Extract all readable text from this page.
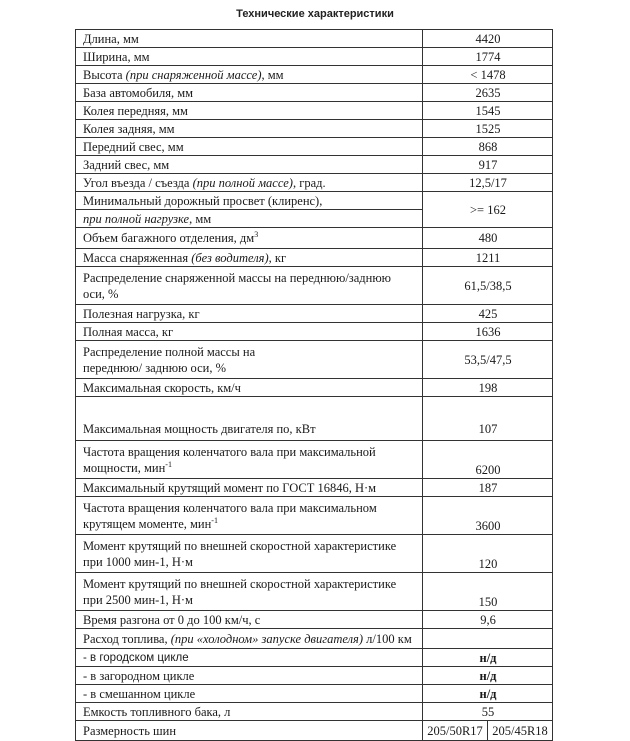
Технические характеристики
Длина, мм	4420	
Ширина, мм	1774	
Высота (при снаряженной массе), мм	< 1478	
База автомобиля, мм	2635	
Колея передняя, мм	1545	
Колея задняя, мм	1525	
Передний свес, мм	868	
Задний свес, мм	917	
Угол въезда / съезда (при полной массе), град.	12,5/17	
Минимальный дорожный просвет (клиренс),	>= 162	
при полной нагрузке, мм		
Объем багажного отделения, $дм^3$	480	
Масса снаряженная (без водителя), кг	1211	
Распределение снаряженной массы на переднюю/заднюю оси, %	61,5/38,5	
Полезная нагрузка, кг	425	
Полная масса, кг	1636	

Распределение полной массы на
переднюю/ заднюю оси, %	53,5/47,5	
Максимальная скорость, км/ч	198	
Максимальная мощность двигателя по, кВт	107	
Частота вращения коленчатого вала при максимальной мощности, мин$^{-1}$	6200	
Максимальный крутящий момент по ГОСТ 16846, Н·м	187	
Частота вращения коленчатого вала при максимальном крутящем моменте, мин$^{-1}$	3600	
Момент крутящий по внешней скоростной характеристике при 1000 мин-1, Н·м	120	
Момент крутящий по внешней скоростной характеристике при 2500 мин-1, Н·м	150	
Время разгона от 0 до 100 км/ч, с	9,6	
Расход топлива, (при «холодном» запуске двигателя) л/100 км		
- в городском цикле	н/д	
- в загородном цикле	н/д	
- в смешанном цикле	н/д	
Емкость топливного бака, л	55	
Размерность шин	205/50R17	205/45R18
